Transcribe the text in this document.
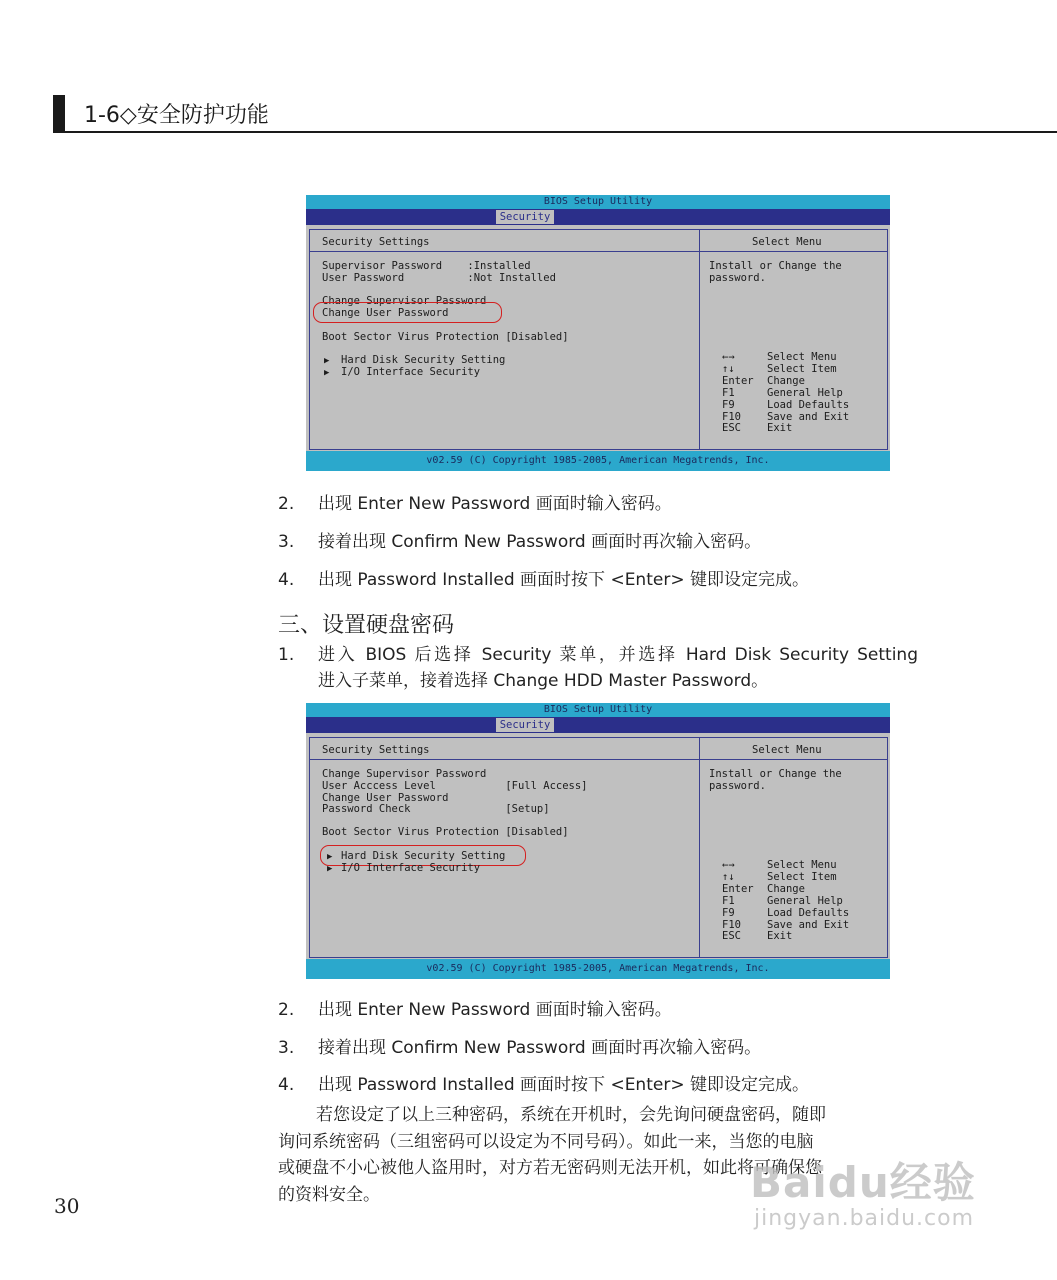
1-6◇安全防护功能
BIOS Setup Utility
Security
Security Settings	Select Menu
Supervisor Password    :Installed
User Password          :Not Installed
Change Supervisor Password
Change User Password
Boot Sector Virus Protection [Disabled]
▶ Hard Disk Security Setting
▶ I/O Interface Security
Install or Change the
password.
←→	Select Menu
↑↓	Select Item
Enter Change
F1	General Help
F9	Load Defaults
F10 Save and Exit
ESC Exit
v02.59 (C) Copyright 1985-2005, American Megatrends, Inc.
2. 出现 Enter New Password 画面时输入密码。
3. 接着出现 Confirm New Password 画面时再次输入密码。
4. 出现 Password Installed 画面时按下 <Enter> 键即设定完成。
三、设置硬盘密码
1. 进入 BIOS 后选择 Security 菜单，并选择 Hard Disk Security Setting
进入子菜单，接着选择 Change HDD Master Password。
BIOS Setup Utility
Security
Security Settings	Select Menu
Change Supervisor Password
User Acccess Level           [Full Access]
Change User Password
Password Check               [Setup]
Boot Sector Virus Protection [Disabled]
▶ Hard Disk Security Setting
▶ I/O Interface Security
Install or Change the
password.
←→	Select Menu
↑↓	Select Item
Enter Change
F1	General Help
F9	Load Defaults
F10 Save and Exit
ESC Exit
v02.59 (C) Copyright 1985-2005, American Megatrends, Inc.
2. 出现 Enter New Password 画面时输入密码。
3. 接着出现 Confirm New Password 画面时再次输入密码。
4. 出现 Password Installed 画面时按下 <Enter> 键即设定完成。
若您设定了以上三种密码，系统在开机时，会先询问硬盘密码，随即
询问系统密码（三组密码可以设定为不同号码）。如此一来，当您的电脑
或硬盘不小心被他人盗用时，对方若无密码则无法开机，如此将可确保您
的资料安全。
30	Baidu经验
jingyan.baidu.com
